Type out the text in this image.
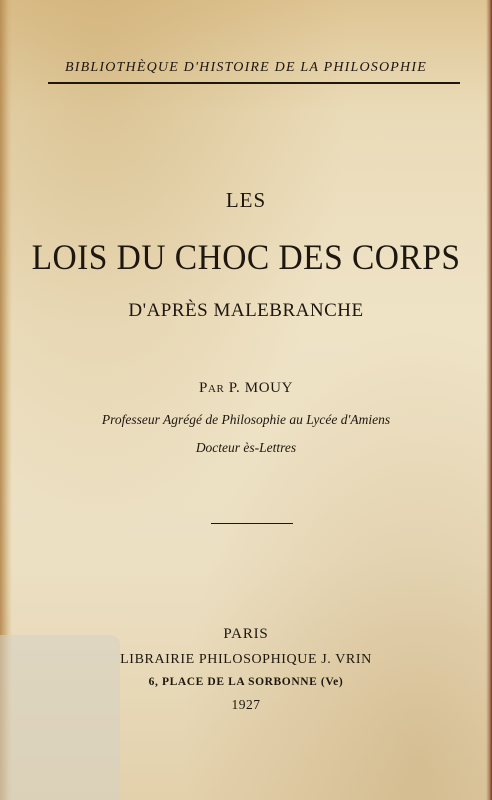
BIBLIOTHÈQUE D'HISTOIRE DE LA PHILOSOPHIE
LES
LOIS DU CHOC DES CORPS
D'APRÈS MALEBRANCHE
PAR P. MOUY
Professeur Agrégé de Philosophie au Lycée d'Amiens
Docteur ès-Lettres
PARIS
LIBRAIRIE PHILOSOPHIQUE J. VRIN
6, PLACE DE LA SORBONNE (Ve)
1927
